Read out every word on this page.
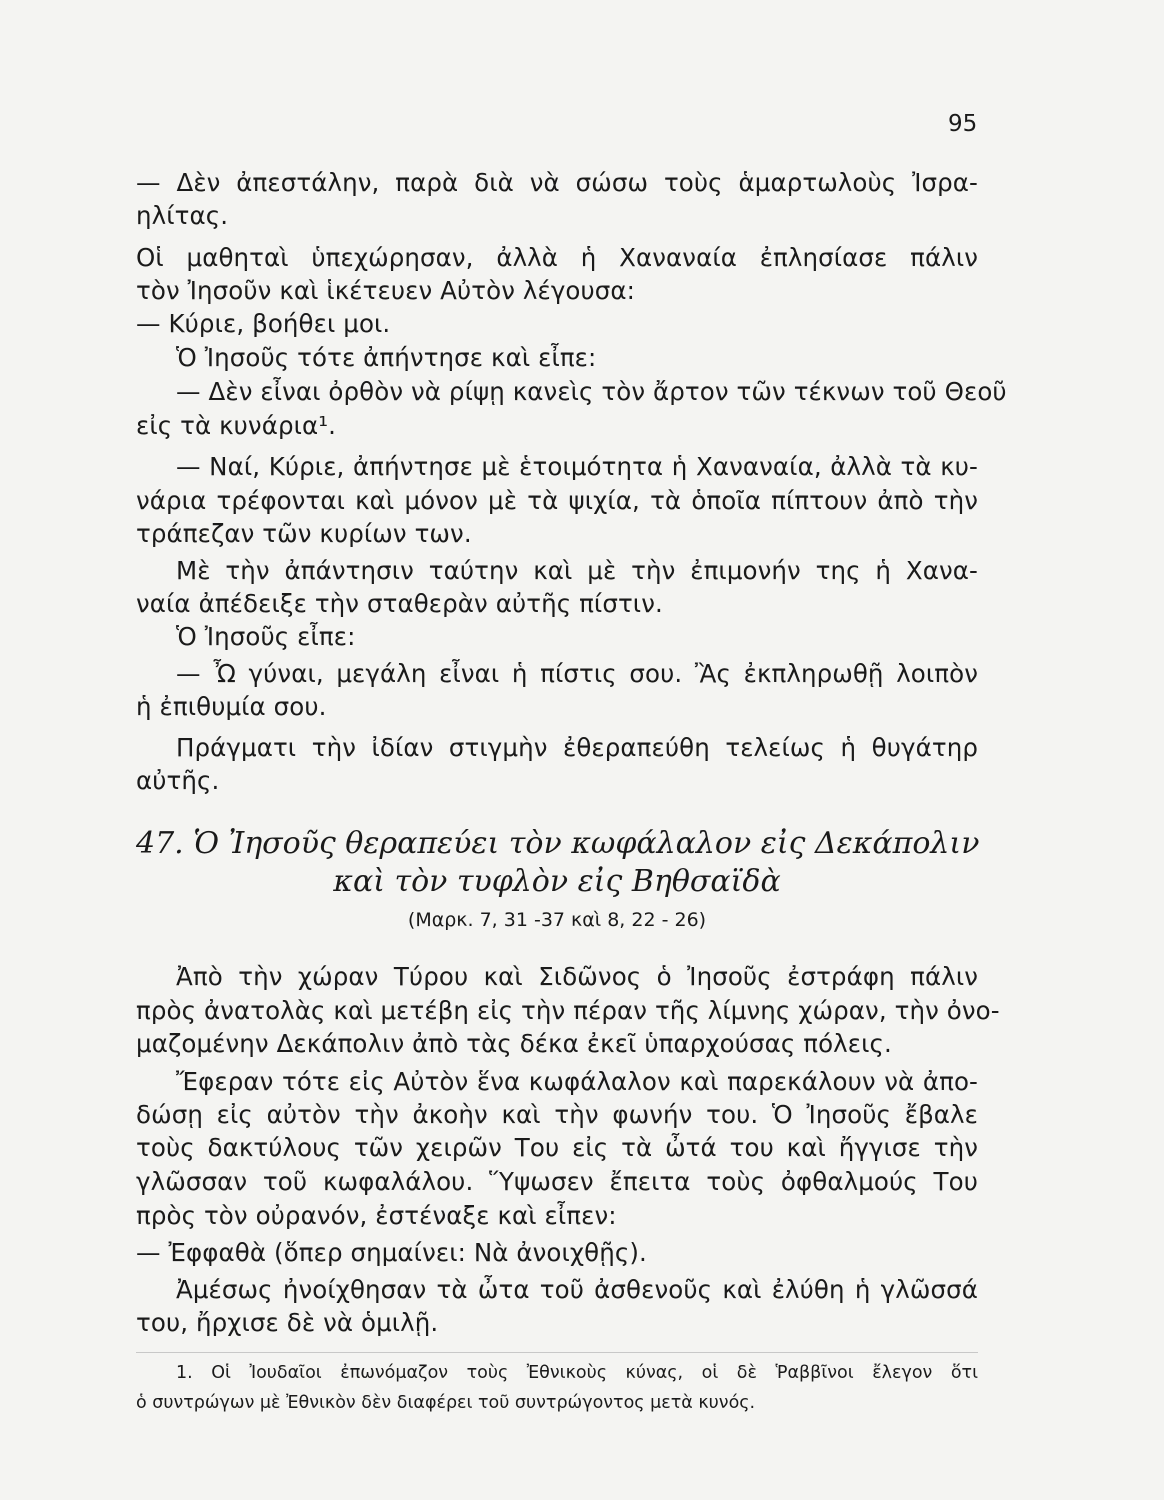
95
— Δὲν ἀπεστάλην, παρὰ διὰ νὰ σώσω τοὺς ἁμαρτωλοὺς Ἰσρα-
ηλίτας.
Οἱ μαθηταὶ ὑπεχώρησαν, ἀλλὰ ἡ Χαναναία ἐπλησίασε πάλιν
τὸν Ἰησοῦν καὶ ἱκέτευεν Αὐτὸν λέγουσα:
— Κύριε, βοήθει μοι.
Ὁ Ἰησοῦς τότε ἀπήντησε καὶ εἶπε:
— Δὲν εἶναι ὀρθὸν νὰ ρίψῃ κανεὶς τὸν ἄρτον τῶν τέκνων τοῦ Θεοῦ
εἰς τὰ κυνάρια¹.
— Ναί, Κύριε, ἀπήντησε μὲ ἑτοιμότητα ἡ Χαναναία, ἀλλὰ τὰ κυ-
νάρια τρέφονται καὶ μόνον μὲ τὰ ψιχία, τὰ ὁποῖα πίπτουν ἀπὸ τὴν
τράπεζαν τῶν κυρίων των.
Μὲ τὴν ἀπάντησιν ταύτην καὶ μὲ τὴν ἐπιμονήν της ἡ Χανα-
ναία ἀπέδειξε τὴν σταθερὰν αὐτῆς πίστιν.
Ὁ Ἰησοῦς εἶπε:
— Ὦ γύναι, μεγάλη εἶναι ἡ πίστις σου. Ἂς ἐκπληρωθῇ λοιπὸν
ἡ ἐπιθυμία σου.
Πράγματι τὴν ἰδίαν στιγμὴν ἐθεραπεύθη τελείως ἡ θυγάτηρ
αὐτῆς.
47. Ὁ Ἰησοῦς θεραπεύει τὸν κωφάλαλον εἰς Δεκάπολιν
καὶ τὸν τυφλὸν εἰς Βηθσαϊδὰ
(Μαρκ. 7, 31 -37 καὶ 8, 22 - 26)
Ἀπὸ τὴν χώραν Τύρου καὶ Σιδῶνος ὁ Ἰησοῦς ἐστράφη πάλιν
πρὸς ἀνατολὰς καὶ μετέβη εἰς τὴν πέραν τῆς λίμνης χώραν, τὴν ὀνο-
μαζομένην Δεκάπολιν ἀπὸ τὰς δέκα ἐκεῖ ὑπαρχούσας πόλεις.
Ἔφεραν τότε εἰς Αὐτὸν ἕνα κωφάλαλον καὶ παρεκάλουν νὰ ἀπο-
δώσῃ εἰς αὐτὸν τὴν ἀκοὴν καὶ τὴν φωνήν του. Ὁ Ἰησοῦς ἔβαλε
τοὺς δακτύλους τῶν χειρῶν Του εἰς τὰ ὦτά του καὶ ἤγγισε τὴν
γλῶσσαν τοῦ κωφαλάλου. Ὕψωσεν ἔπειτα τοὺς ὀφθαλμούς Του
πρὸς τὸν οὐρανόν, ἐστέναξε καὶ εἶπεν:
— Ἐφφαθὰ (ὅπερ σημαίνει: Νὰ ἀνοιχθῇς).
Ἀμέσως ἠνοίχθησαν τὰ ὦτα τοῦ ἀσθενοῦς καὶ ἐλύθη ἡ γλῶσσά
του, ἤρχισε δὲ νὰ ὁμιλῇ.
1. Οἱ Ἰουδαῖοι ἐπωνόμαζον τοὺς Ἐθνικοὺς κύνας, οἱ δὲ Ῥαββῖνοι ἔλεγον ὅτι
ὁ συντρώγων μὲ Ἐθνικὸν δὲν διαφέρει τοῦ συντρώγοντος μετὰ κυνός.
